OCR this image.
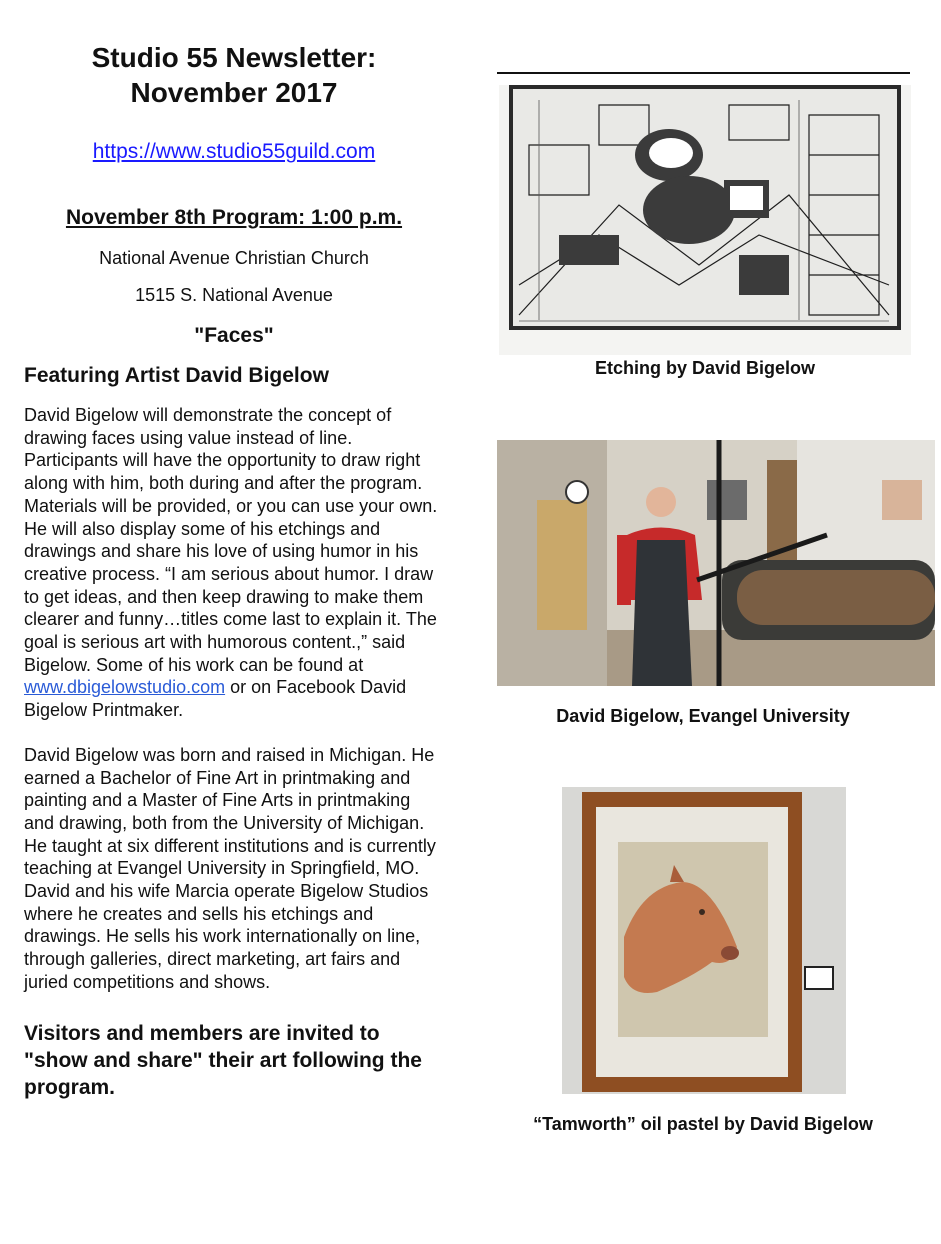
Studio 55 Newsletter:
November 2017
https://www.studio55guild.com
November 8th Program: 1:00 p.m.
National Avenue Christian Church
1515 S. National Avenue
"Faces"
Featuring Artist David Bigelow

David Bigelow will demonstrate the concept of drawing faces using value instead of line. Participants will have the opportunity to draw right along with him, both during and after the program. Materials will be provided, or you can use your own. He will also display some of his etchings and drawings and share his love of using humor in his creative process. “I am serious about humor. I draw to get ideas, and then keep drawing to make them clearer and funny…titles come last to explain it. The goal is serious art with humorous content.,” said Bigelow. Some of his work can be found at
www.dbigelowstudio.com or on Facebook David Bigelow Printmaker.

David Bigelow was born and raised in Michigan. He earned a Bachelor of Fine Art in printmaking and painting and a Master of Fine Arts in printmaking and drawing, both from the University of Michigan. He taught at six different institutions and is currently teaching at Evangel University in Springfield, MO. David and his wife Marcia operate Bigelow Studios where he creates and sells his etchings and drawings. He sells his work internationally on line, through galleries, direct marketing, art fairs and juried competitions and shows.

Visitors and members are invited to "show and share" their art following the program.
Etching by David Bigelow
David Bigelow, Evangel University
“Tamworth” oil pastel by David Bigelow
